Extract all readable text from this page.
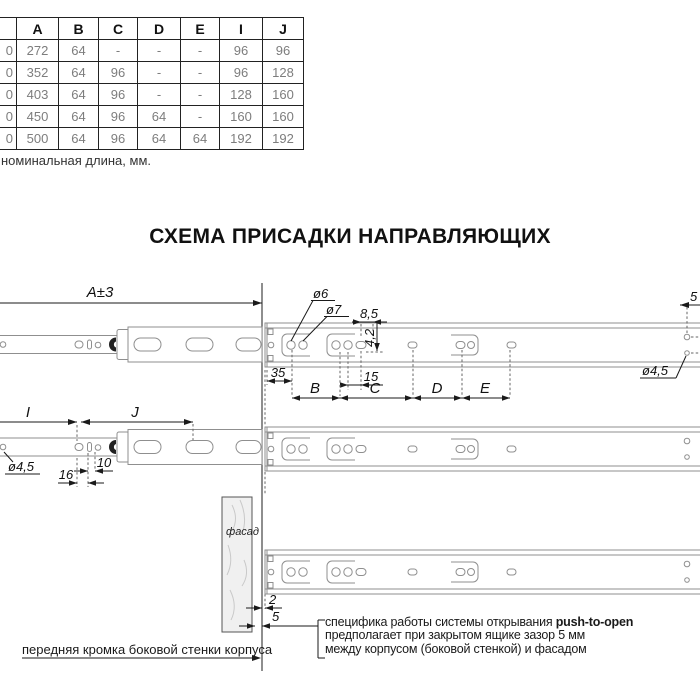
	A	B	C	D	E	I	J
0	272	64	-	-	-	96	96
0	352	64	96	-	-	96	128
0	403	64	96	-	-	128	160
0	450	64	96	64	-	160	160
0	500	64	96	64	64	192	192
номинальная длина, мм.
СХЕМА ПРИСАДКИ НАПРАВЛЯЮЩИХ
A±3	ø6
ø7 8,5
4,2
35	15
B	C	D	E
5
ø4,5
I	J
ø4,5
16
10
фасад
2
5
передняя кромка боковой стенки корпуса
специфика работы системы открывания push-to-open
предполагает при закрытом ящике зазор 5 мм
между корпусом (боковой стенкой) и фасадом
